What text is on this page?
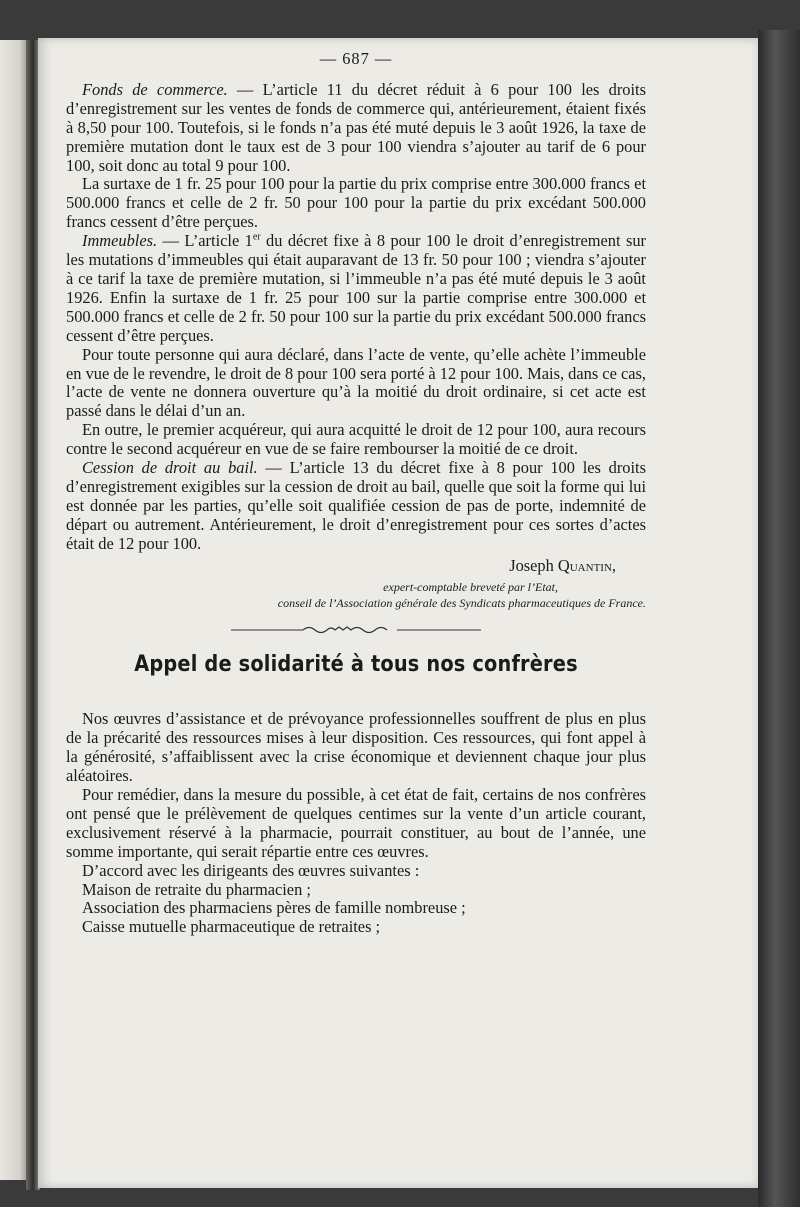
— 687 —

Fonds de commerce. — L’article 11 du décret réduit à 6 pour 100 les droits d’enregistrement sur les ventes de fonds de commerce qui, antérieurement, étaient fixés à 8,50 pour 100. Toutefois, si le fonds n’a pas été muté depuis le 3 août 1926, la taxe de première mutation dont le taux est de 3 pour 100 viendra s’ajouter au tarif de 6 pour 100, soit donc au total 9 pour 100.

La surtaxe de 1 fr. 25 pour 100 pour la partie du prix comprise entre 300.000 francs et 500.000 francs et celle de 2 fr. 50 pour 100 pour la partie du prix excédant 500.000 francs cessent d’être perçues.

Immeubles. — L’article 1er du décret fixe à 8 pour 100 le droit d’enregistrement sur les mutations d’immeubles qui était auparavant de 13 fr. 50 pour 100 ; viendra s’ajouter à ce tarif la taxe de première mutation, si l’immeuble n’a pas été muté depuis le 3 août 1926. Enfin la surtaxe de 1 fr. 25 pour 100 sur la partie comprise entre 300.000 et 500.000 francs et celle de 2 fr. 50 pour 100 sur la partie du prix excédant 500.000 francs cessent d’être perçues.

Pour toute personne qui aura déclaré, dans l’acte de vente, qu’elle achète l’immeuble en vue de le revendre, le droit de 8 pour 100 sera porté à 12 pour 100. Mais, dans ce cas, l’acte de vente ne donnera ouverture qu’à la moitié du droit ordinaire, si cet acte est passé dans le délai d’un an.

En outre, le premier acquéreur, qui aura acquitté le droit de 12 pour 100, aura recours contre le second acquéreur en vue de se faire rembourser la moitié de ce droit.

Cession de droit au bail. — L’article 13 du décret fixe à 8 pour 100 les droits d’enregistrement exigibles sur la cession de droit au bail, quelle que soit la forme qui lui est donnée par les parties, qu’elle soit qualifiée cession de pas de porte, indemnité de départ ou autrement. Antérieurement, le droit d’enregistrement pour ces sortes d’actes était de 12 pour 100.

Joseph Quantin,
expert-comptable breveté par l’Etat,
conseil de l’Association générale des Syndicats pharmaceutiques de France.
Appel de solidarité à tous nos confrères

Nos œuvres d’assistance et de prévoyance professionnelles souffrent de plus en plus de la précarité des ressources mises à leur disposition. Ces ressources, qui font appel à la générosité, s’affaiblissent avec la crise économique et deviennent chaque jour plus aléatoires.

Pour remédier, dans la mesure du possible, à cet état de fait, certains de nos confrères ont pensé que le prélèvement de quelques centimes sur la vente d’un article courant, exclusivement réservé à la pharmacie, pourrait constituer, au bout de l’année, une somme importante, qui serait répartie entre ces œuvres.

D’accord avec les dirigeants des œuvres suivantes :

Maison de retraite du pharmacien ;

Association des pharmaciens pères de famille nombreuse ;

Caisse mutuelle pharmaceutique de retraites ;
